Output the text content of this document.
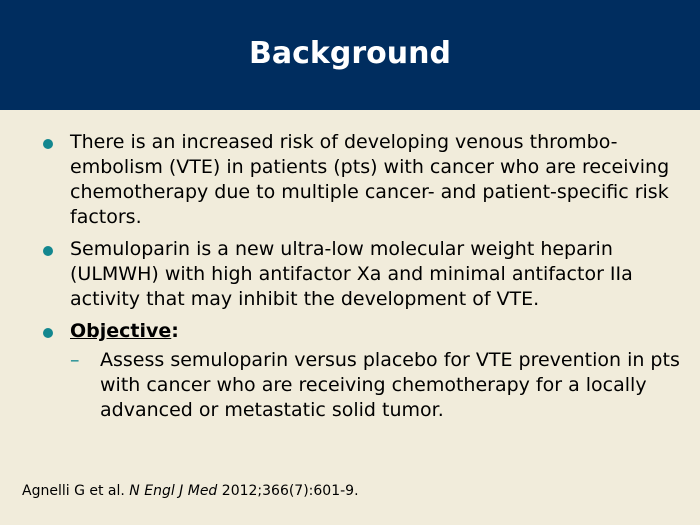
Background
There is an increased risk of developing venous thrombo-embolism (VTE) in patients (pts) with cancer who are receiving chemotherapy due to multiple cancer- and patient-specific risk factors.
Semuloparin is a new ultra-low molecular weight heparin (ULMWH) with high antifactor Xa and minimal antifactor IIa activity that may inhibit the development of VTE.
Objective:
– Assess semuloparin versus placebo for VTE prevention in pts with cancer who are receiving chemotherapy for a locally advanced or metastatic solid tumor.

Agnelli G et al. N Engl J Med 2012;366(7):601-9.
